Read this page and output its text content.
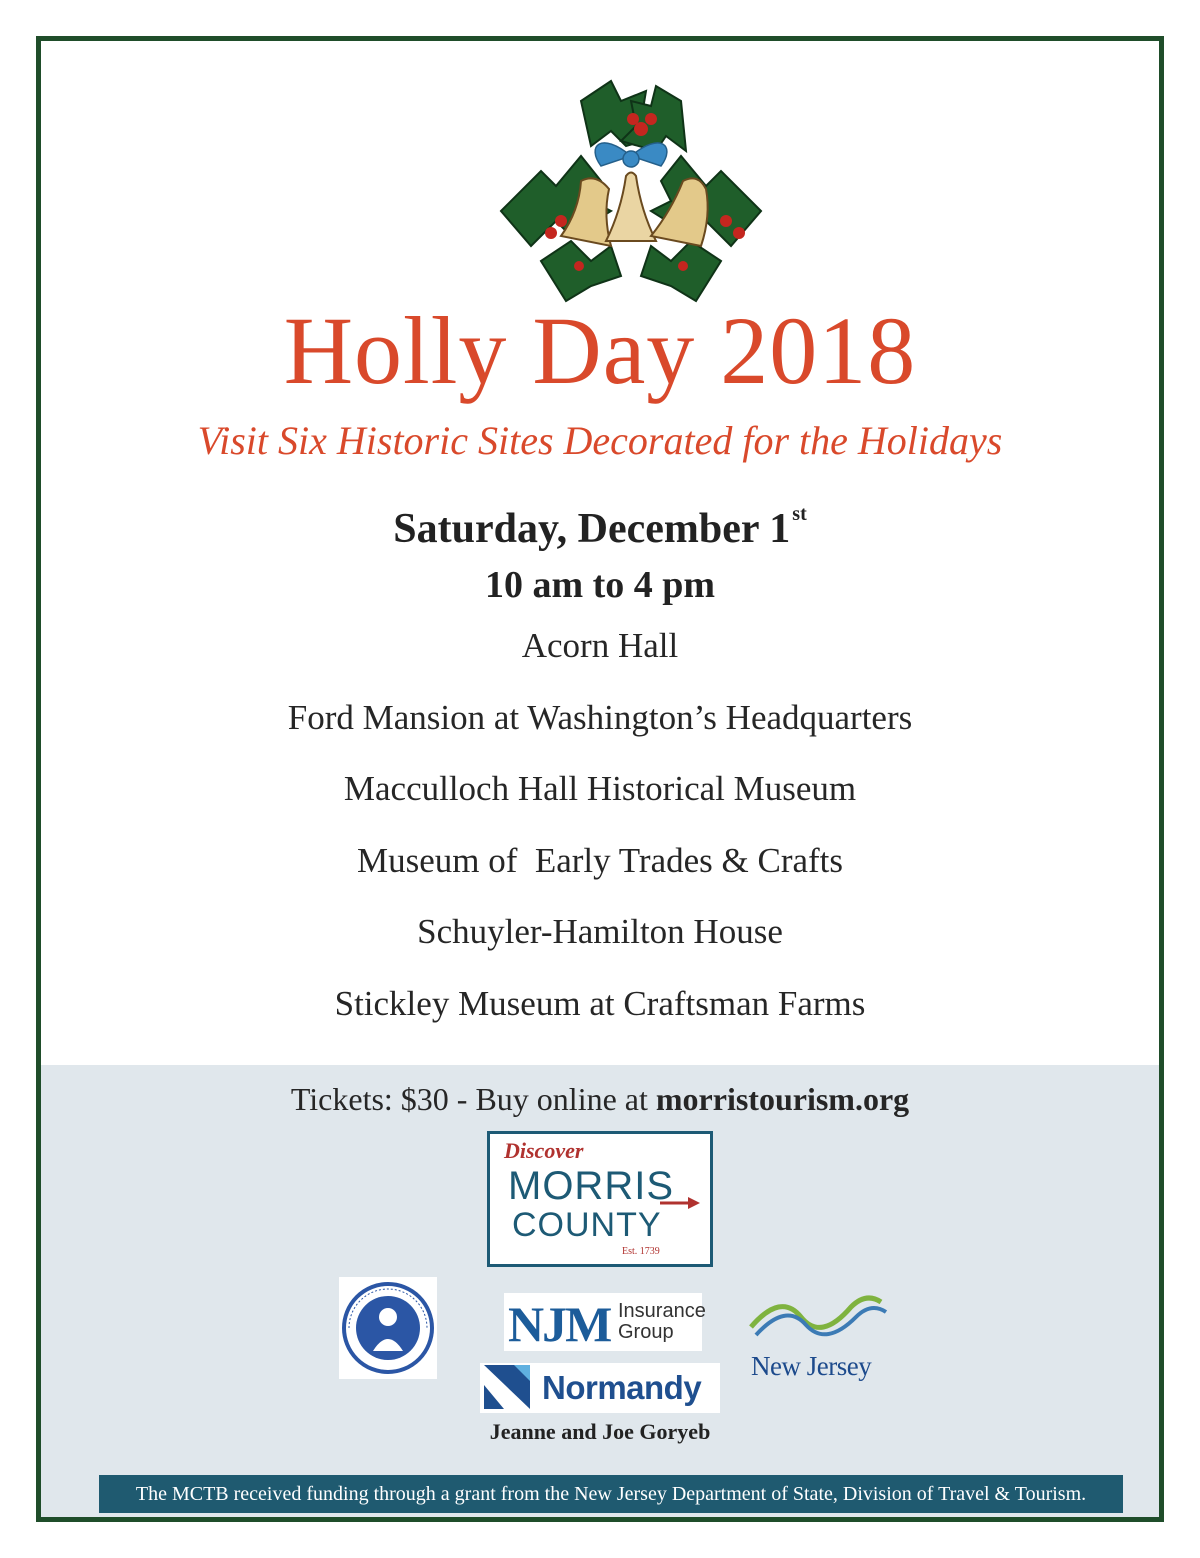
Holly Day 2018
Visit Six Historic Sites Decorated for the Holidays
Saturday, December 1 $^{st}$
10 am to 4 pm
Acorn Hall
Ford Mansion at Washington’s Headquarters
Macculloch Hall Historical Museum
Museum of  Early Trades & Crafts
Schuyler-Hamilton House
Stickley Museum at Craftsman Farms
Tickets: $30 - Buy online at morristourism.org
Discover
MORRIS
COUNTY
Est. 1739
NJM Insurance
Group
New Jersey
Normandy
Jeanne and Joe Goryeb
The MCTB received funding through a grant from the New Jersey Department of State, Division of Travel & Tourism.
